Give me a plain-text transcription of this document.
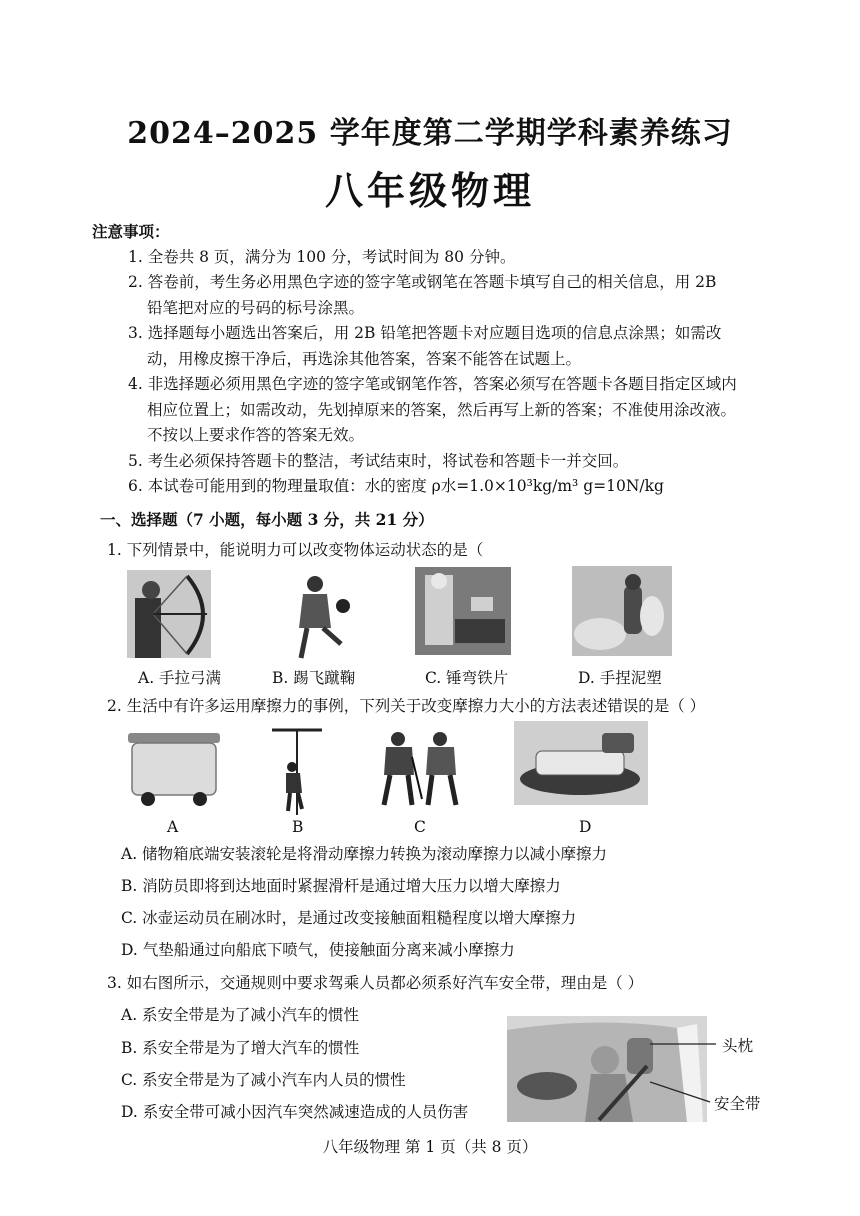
2024–2025 学年度第二学期学科素养练习
八年级物理
注意事项：
1. 全卷共 8 页，满分为 100 分，考试时间为 80 分钟。
2. 答卷前，考生务必用黑色字迹的签字笔或钢笔在答题卡填写自己的相关信息，用 2B
铅笔把对应的号码的标号涂黑。
3. 选择题每小题选出答案后，用 2B 铅笔把答题卡对应题目选项的信息点涂黑；如需改
动，用橡皮擦干净后，再选涂其他答案，答案不能答在试题上。
4. 非选择题必须用黑色字迹的签字笔或钢笔作答，答案必须写在答题卡各题目指定区域内
相应位置上；如需改动，先划掉原来的答案，然后再写上新的答案；不准使用涂改液。
不按以上要求作答的答案无效。
5. 考生必须保持答题卡的整洁，考试结束时，将试卷和答题卡一并交回。
6. 本试卷可能用到的物理量取值：水的密度 ρ水=1.0×10³kg/m³ g=10N/kg
一、选择题（7 小题，每小题 3 分，共 21 分）
1. 下列情景中，能说明力可以改变物体运动状态的是（
A. 手拉弓满	B. 踢飞蹴鞠	C. 锤弯铁片	D. 手捏泥塑
2. 生活中有许多运用摩擦力的事例，下列关于改变摩擦力大小的方法表述错误的是（ ）
A	B	C	D
A. 储物箱底端安装滚轮是将滑动摩擦力转换为滚动摩擦力以减小摩擦力
B. 消防员即将到达地面时紧握滑杆是通过增大压力以增大摩擦力
C. 冰壶运动员在刷冰时，是通过改变接触面粗糙程度以增大摩擦力
D. 气垫船通过向船底下喷气，使接触面分离来减小摩擦力
3. 如右图所示，交通规则中要求驾乘人员都必须系好汽车安全带，理由是（ ）
A. 系安全带是为了减小汽车的惯性
B. 系安全带是为了增大汽车的惯性
C. 系安全带是为了减小汽车内人员的惯性
D. 系安全带可减小因汽车突然减速造成的人员伤害
头枕
安全带
八年级物理 第 1 页（共 8 页）
